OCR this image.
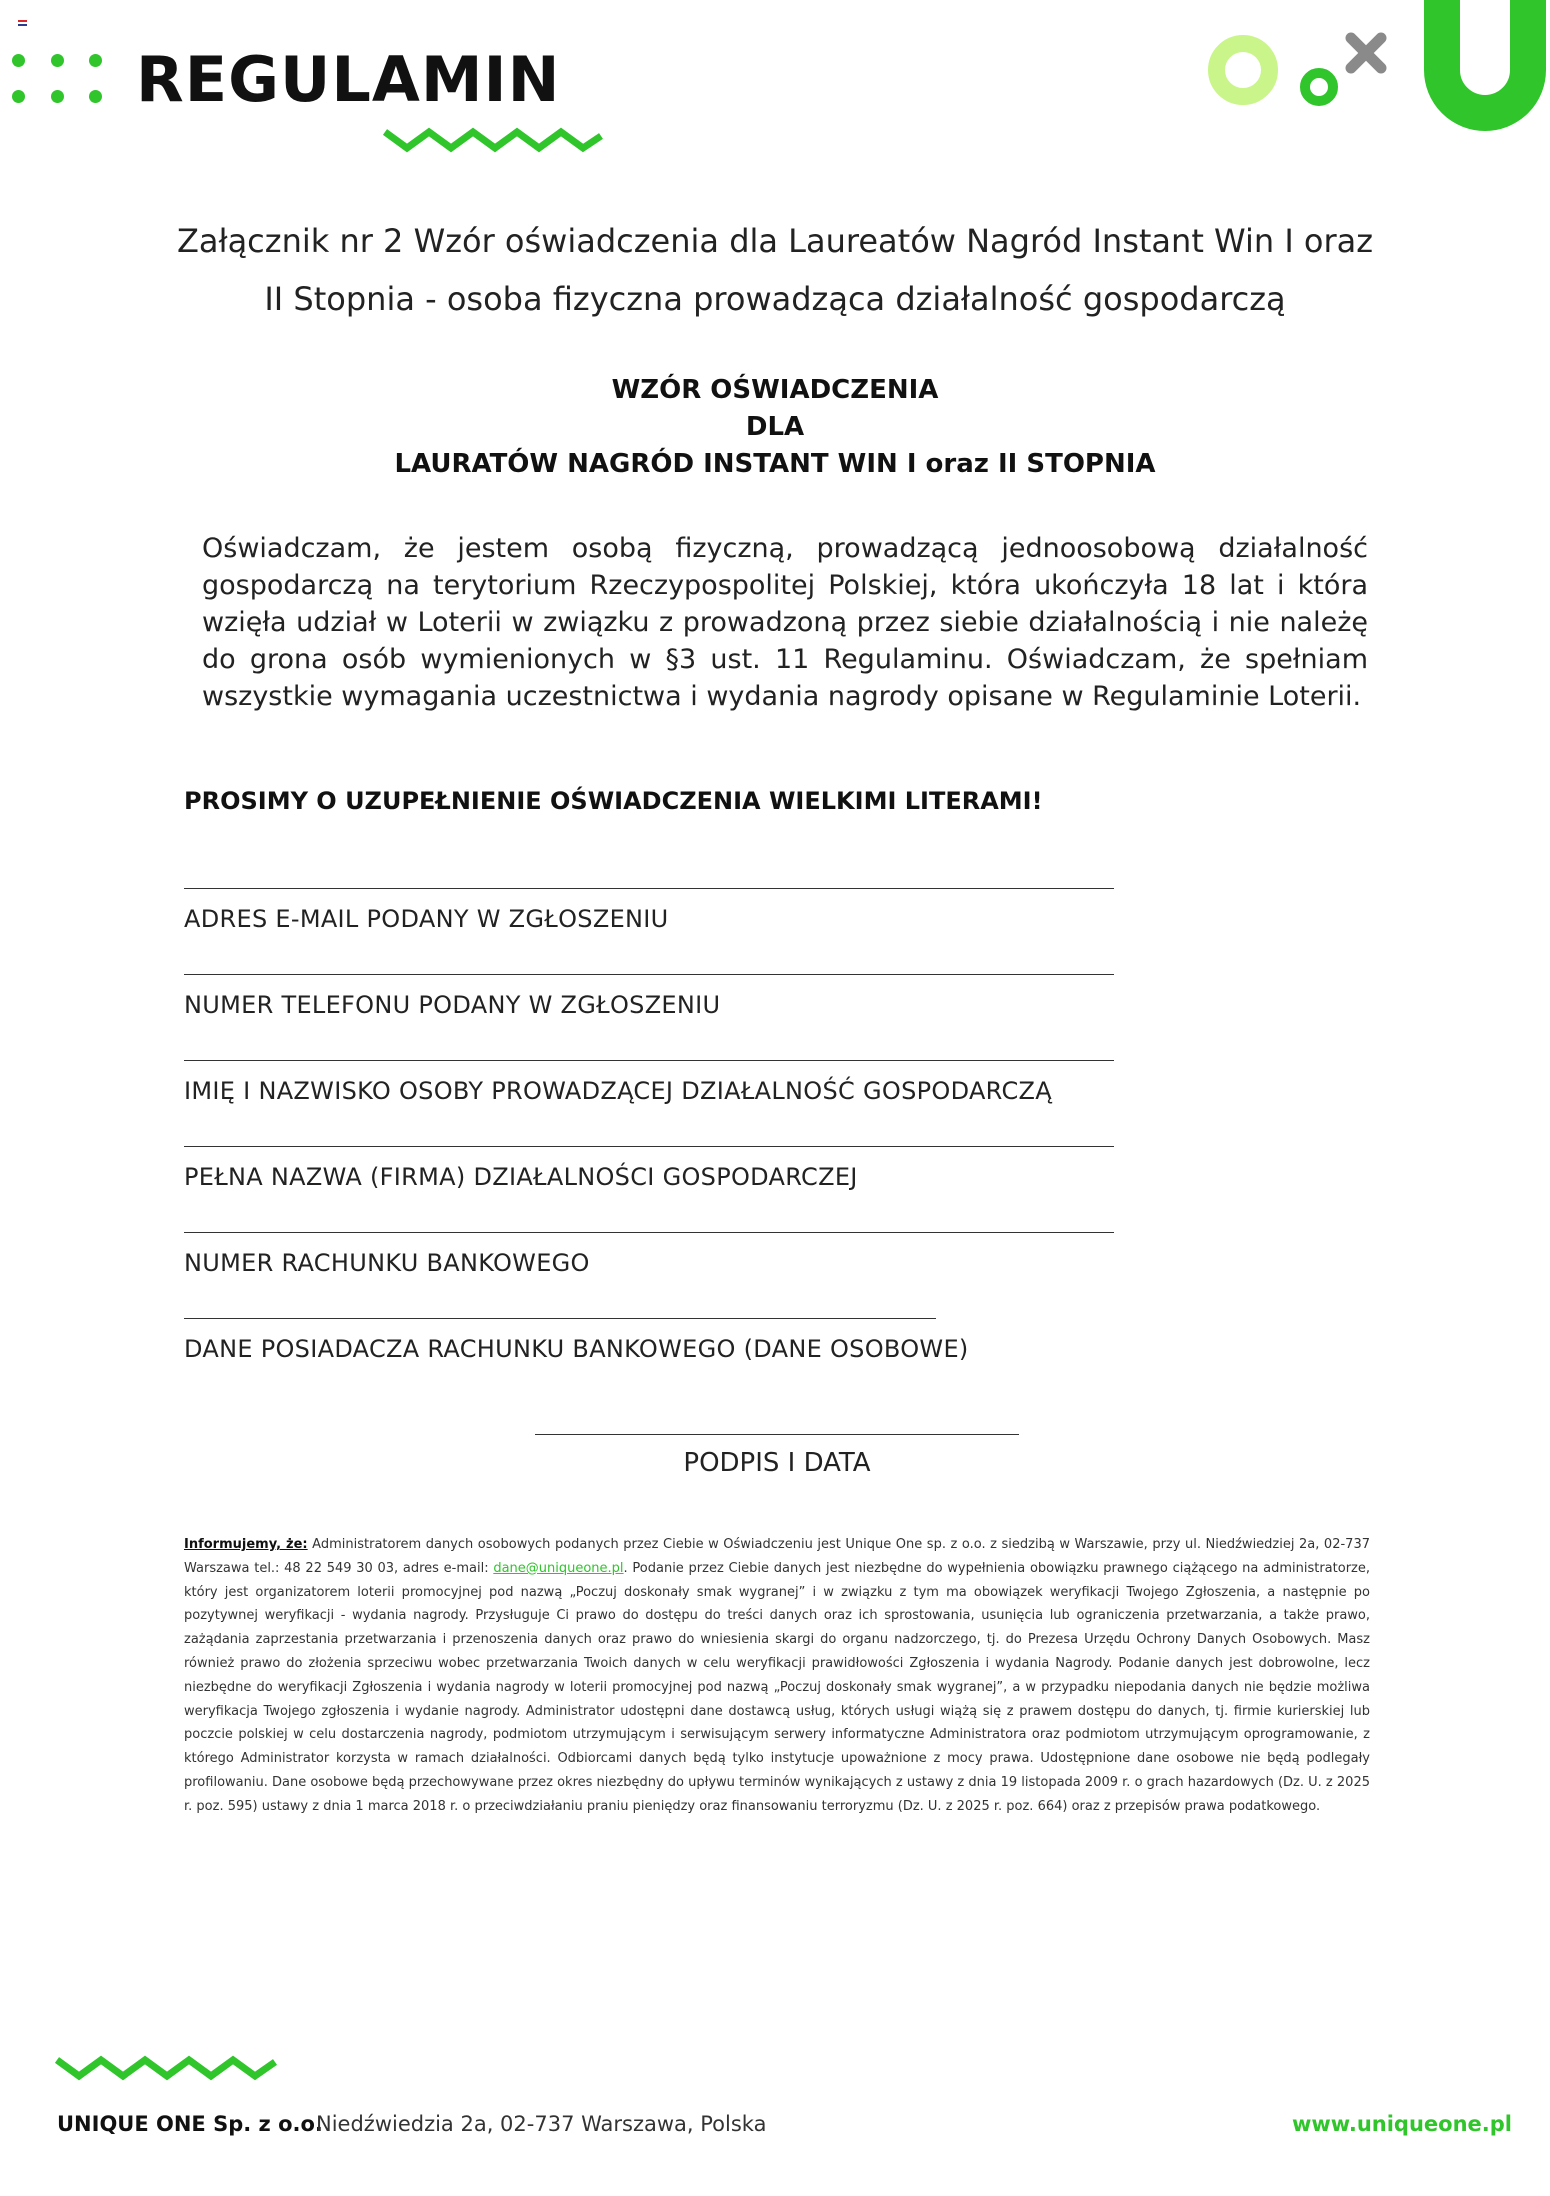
REGULAMIN
Załącznik nr 2 Wzór oświadczenia dla Laureatów Nagród Instant Win I oraz
II Stopnia - osoba fizyczna prowadząca działalność gospodarczą
WZÓR OŚWIADCZENIA
DLA
LAURATÓW NAGRÓD INSTANT WIN I oraz II STOPNIA
Oświadczam, że jestem osobą fizyczną, prowadzącą jednoosobową działalność gospodarczą na terytorium Rzeczypospolitej Polskiej, która ukończyła 18 lat i która wzięła udział w Loterii w związku z prowadzoną przez siebie działalnością i nie należę do grona osób wymienionych w §3 ust. 11 Regulaminu. Oświadczam, że spełniam wszystkie wymagania uczestnictwa i wydania nagrody opisane w Regulaminie Loterii.
PROSIMY O UZUPEŁNIENIE OŚWIADCZENIA WIELKIMI LITERAMI!
ADRES E-MAIL PODANY W ZGŁOSZENIU
NUMER TELEFONU PODANY W ZGŁOSZENIU
IMIĘ I NAZWISKO OSOBY PROWADZĄCEJ DZIAŁALNOŚĆ GOSPODARCZĄ
PEŁNA NAZWA (FIRMA) DZIAŁALNOŚCI GOSPODARCZEJ
NUMER RACHUNKU BANKOWEGO
DANE POSIADACZA RACHUNKU BANKOWEGO (DANE OSOBOWE)
PODPIS I DATA
Informujemy, że: Administratorem danych osobowych podanych przez Ciebie w Oświadczeniu jest Unique One sp. z o.o. z siedzibą w Warszawie, przy ul. Niedźwiedziej 2a, 02-737 Warszawa tel.: 48 22 549 30 03, adres e-mail: dane@uniqueone.pl. Podanie przez Ciebie danych jest niezbędne do wypełnienia obowiązku prawnego ciążącego na administratorze, który jest organizatorem loterii promocyjnej pod nazwą „Poczuj doskonały smak wygranej” i w związku z tym ma obowiązek weryfikacji Twojego Zgłoszenia, a następnie po pozytywnej weryfikacji - wydania nagrody. Przysługuje Ci prawo do dostępu do treści danych oraz ich sprostowania, usunięcia lub ograniczenia przetwarzania, a także prawo, zażądania zaprzestania przetwarzania i przenoszenia danych oraz prawo do wniesienia skargi do organu nadzorczego, tj. do Prezesa Urzędu Ochrony Danych Osobowych. Masz również prawo do złożenia sprzeciwu wobec przetwarzania Twoich danych w celu weryfikacji prawidłowości Zgłoszenia i wydania Nagrody. Podanie danych jest dobrowolne, lecz niezbędne do weryfikacji Zgłoszenia i wydania nagrody w loterii promocyjnej pod nazwą „Poczuj doskonały smak wygranej”, a w przypadku niepodania danych nie będzie możliwa weryfikacja Twojego zgłoszenia i wydanie nagrody. Administrator udostępni dane dostawcą usług, których usługi wiążą się z prawem dostępu do danych, tj. firmie kurierskiej lub poczcie polskiej w celu dostarczenia nagrody, podmiotom utrzymującym i serwisującym serwery informatyczne Administratora oraz podmiotom utrzymującym oprogramowanie, z którego Administrator korzysta w ramach działalności. Odbiorcami danych będą tylko instytucje upoważnione z mocy prawa. Udostępnione dane osobowe nie będą podlegały profilowaniu. Dane osobowe będą przechowywane przez okres niezbędny do upływu terminów wynikających z ustawy z dnia 19 listopada 2009 r. o grach hazardowych (Dz. U. z 2025 r. poz. 595) ustawy z dnia 1 marca 2018 r. o przeciwdziałaniu praniu pieniędzy oraz finansowaniu terroryzmu (Dz. U. z 2025 r. poz. 664) oraz z przepisów prawa podatkowego.
UNIQUE ONE Sp. z o.o.
Niedźwiedzia 2a, 02-737 Warszawa, Polska	www.uniqueone.pl
